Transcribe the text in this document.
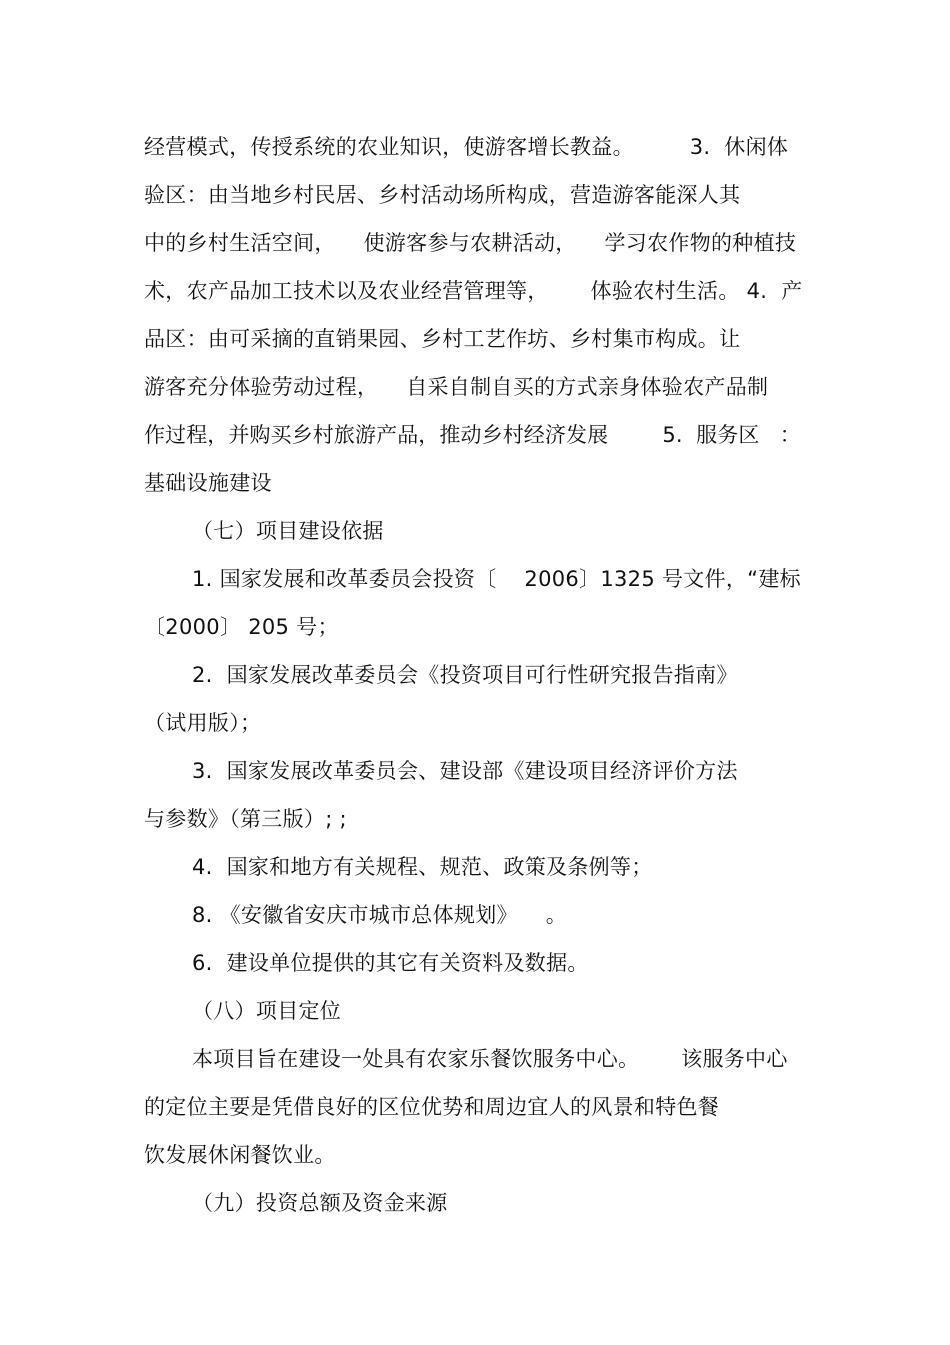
经营模式，传授系统的农业知识，使游客增长教益。        3.  休闲体
验区：由当地乡村民居、乡村活动场所构成，营造游客能深人其
中的乡村生活空间，    使游客参与农耕活动，    学习农作物的种植技
术，农产品加工技术以及农业经营管理等，      体验农村生活。 4.  产
品区：由可采摘的直销果园、乡村工艺作坊、乡村集市构成。让
游客充分体验劳动过程，    自采自制自买的方式亲身体验农产品制
作过程，并购买乡村旅游产品，推动乡村经济发展        5.  服务区   ：
基础设施建设
（七）项目建设依据
1. 国家发展和改革委员会投资〔    2006〕1325 号文件，“建标
〔2000〕 205 号；
2.  国家发展改革委员会《投资项目可行性研究报告指南》
（试用版）；
3.  国家发展改革委员会、建设部《建设项目经济评价方法
与参数》（第三版）; ;
4.  国家和地方有关规程、规范、政策及条例等；
8. 《安徽省安庆市城市总体规划》    。
6.  建设单位提供的其它有关资料及数据。
（八）项目定位
本项目旨在建设一处具有农家乐餐饮服务中心。      该服务中心
的定位主要是凭借良好的区位优势和周边宜人的风景和特色餐
饮发展休闲餐饮业。
（九）投资总额及资金来源
